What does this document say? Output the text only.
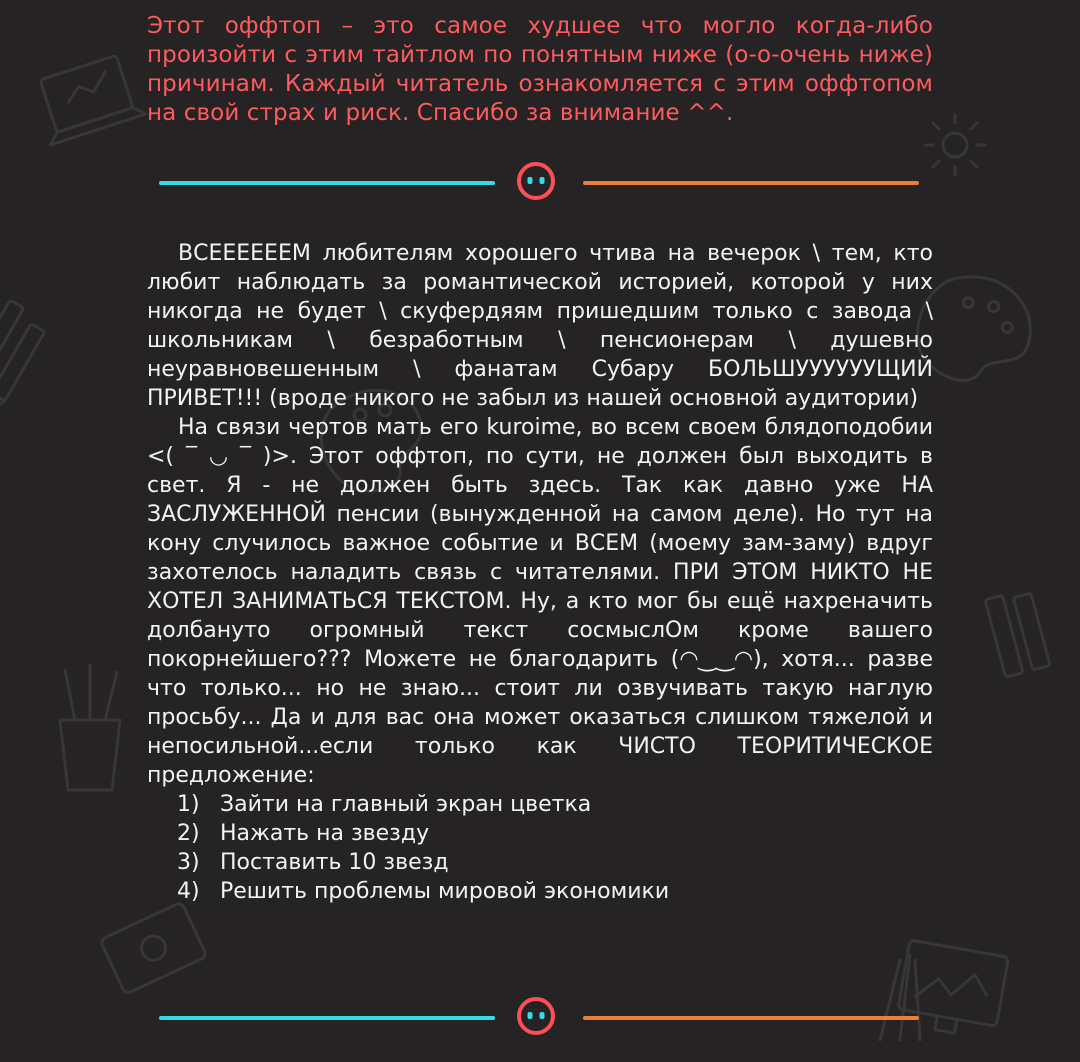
Этот оффтоп – это самое худшее что могло когда-либо произойти с этим тайтлом по понятным ниже (о-о-очень ниже) причинам. Каждый читатель ознакомляется с этим оффтопом на свой страх и риск. Спасибо за внимание ^^.

ВСЕЕЕЕЕЕМ любителям хорошего чтива на вечерок \ тем, кто любит наблюдать за романтической историей, которой у них никогда не будет \ скуфердяям пришедшим только с завода \ школьникам \ безработным \ пенсионерам \ душевно неуравновешенным \ фанатам Субару БОЛЬШУУУУУУЩИЙ ПРИВЕТ!!! (вроде никого не забыл из нашей основной аудитории)

На связи чертов мать его kuroime, во всем своем блядоподобии <( ‾ ◡ ‾ )>. Этот оффтоп, по сути, не должен был выходить в свет. Я - не должен быть здесь. Так как давно уже НА ЗАСЛУЖЕННОЙ пенсии (вынужденной на самом деле). Но тут на кону случилось важное событие и ВСЕМ (моему зам-заму) вдруг захотелось наладить связь с читателями. ПРИ ЭТОМ НИКТО НЕ ХОТЕЛ ЗАНИМАТЬСЯ ТЕКСТОМ. Ну, а кто мог бы ещё нахреначить долбануто огромный текст сосмыслОм кроме вашего покорнейшего??? Можете не благодарить (◠‿‿◠), хотя... разве что только... но не знаю... стоит ли озвучивать такую наглую просьбу... Да и для вас она может оказаться слишком тяжелой и непосильной...если только как ЧИСТО ТЕОРИТИЧЕСКОЕ предложение:

1) Зайти на главный экран цветка
2) Нажать на звезду
3) Поставить 10 звезд
4) Решить проблемы мировой экономики
